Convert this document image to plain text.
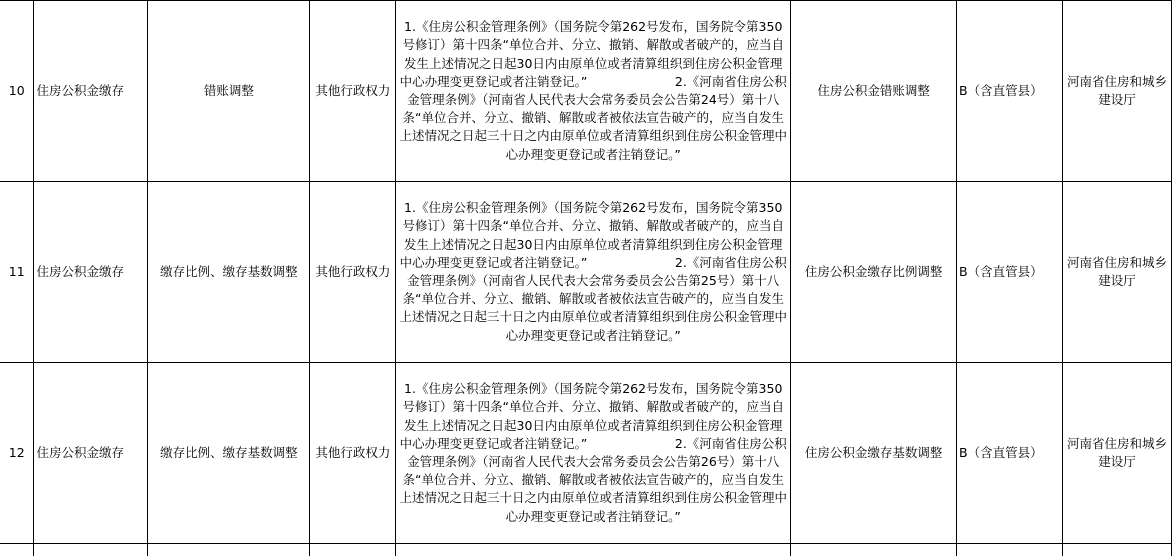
10	住房公积金缴存	错账调整	其他行政权力	1.《住房公积金管理条例》（国务院令第262号发布，国务院令第350号修订）第十四条“单位合并、分立、撤销、解散或者破产的，应当自发生上述情况之日起30日内由原单位或者清算组织到住房公积金管理中心办理变更登记或者注销登记。”　　　　　　　2.《河南省住房公积金管理条例》（河南省人民代表大会常务委员会公告第24号）第十八条“单位合并、分立、撤销、解散或者被依法宣告破产的，应当自发生上述情况之日起三十日之内由原单位或者清算组织到住房公积金管理中心办理变更登记或者注销登记。”	住房公积金错账调整	B（含直管县）	河南省住房和城乡建设厅
11	住房公积金缴存	缴存比例、缴存基数调整	其他行政权力	1.《住房公积金管理条例》（国务院令第262号发布，国务院令第350号修订）第十四条“单位合并、分立、撤销、解散或者破产的，应当自发生上述情况之日起30日内由原单位或者清算组织到住房公积金管理中心办理变更登记或者注销登记。”　　　　　　　2.《河南省住房公积金管理条例》（河南省人民代表大会常务委员会公告第25号）第十八条“单位合并、分立、撤销、解散或者被依法宣告破产的，应当自发生上述情况之日起三十日之内由原单位或者清算组织到住房公积金管理中心办理变更登记或者注销登记。”	住房公积金缴存比例调整	B（含直管县）	河南省住房和城乡建设厅
12	住房公积金缴存	缴存比例、缴存基数调整	其他行政权力	1.《住房公积金管理条例》（国务院令第262号发布，国务院令第350号修订）第十四条“单位合并、分立、撤销、解散或者破产的，应当自发生上述情况之日起30日内由原单位或者清算组织到住房公积金管理中心办理变更登记或者注销登记。”　　　　　　　2.《河南省住房公积金管理条例》（河南省人民代表大会常务委员会公告第26号）第十八条“单位合并、分立、撤销、解散或者被依法宣告破产的，应当自发生上述情况之日起三十日之内由原单位或者清算组织到住房公积金管理中心办理变更登记或者注销登记。”	住房公积金缴存基数调整	B（含直管县）	河南省住房和城乡建设厅
